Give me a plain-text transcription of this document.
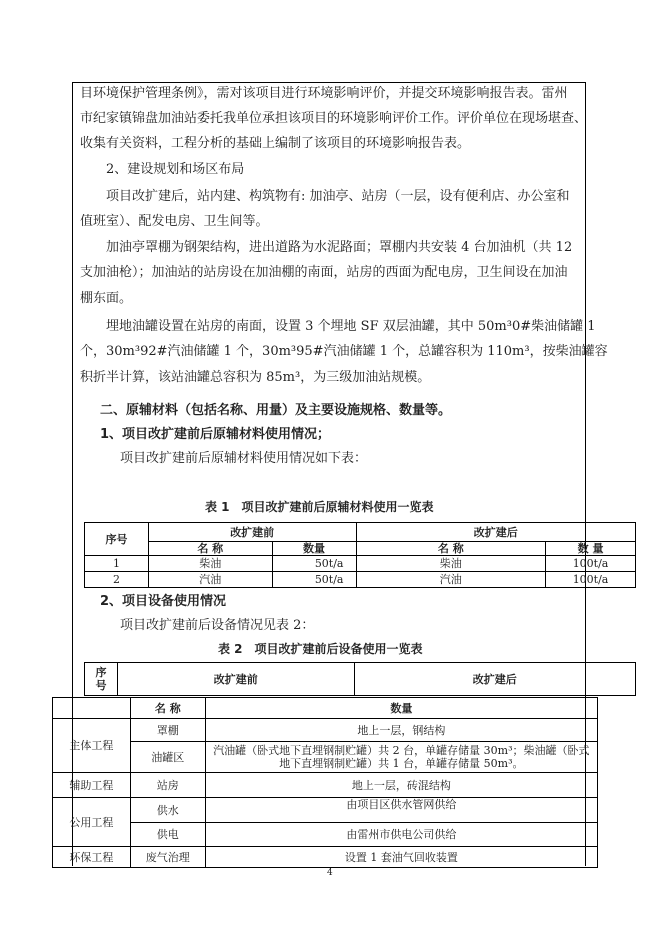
目环境保护管理条例》，需对该项目进行环境影响评价，并提交环境影响报告表。雷州
市纪家镇锦盘加油站委托我单位承担该项目的环境影响评价工作。评价单位在现场堪查、
收集有关资料，工程分析的基础上编制了该项目的环境影响报告表。
2、建设规划和场区布局
项目改扩建后，站内建、构筑物有: 加油亭、站房（一层，设有便利店、办公室和
值班室）、配发电房、卫生间等。
加油亭罩棚为钢架结构，进出道路为水泥路面；罩棚内共安装 4 台加油机（共 12
支加油枪）；加油站的站房设在加油棚的南面，站房的西面为配电房，卫生间设在加油
棚东面。
埋地油罐设置在站房的南面，设置 3 个埋地 SF 双层油罐，其中 50m³0#柴油储罐 1
个，30m³92#汽油储罐 1 个，30m³95#汽油储罐 1 个，总罐容积为 110m³，按柴油罐容
积折半计算，该站油罐总容积为 85m³，为三级加油站规模。
二、原辅材料（包括名称、用量）及主要设施规格、数量等。
1、项目改扩建前后原辅材料使用情况；
项目改扩建前后原辅材料使用情况如下表：
表 1　项目改扩建前后原辅材料使用一览表
序号	改扩建前		改扩建后	
	名 称	数量	名 称	数 量
1	柴油	50t/a	柴油	100t/a
2	汽油	50t/a	汽油	100t/a
2、项目设备使用情况
项目改扩建前后设备情况见表 2：
表 2　项目改扩建前后设备使用一览表
序
号	改扩建前	改扩建后
	名 称	数量
主体工程	罩棚	地上一层，钢结构
	油罐区	汽油罐（卧式地下直埋钢制贮罐）共 2 台，单罐存储量 30m³；柴油罐（卧式地下直埋钢制贮罐）共 1 台，单罐存储量 50m³。
辅助工程	站房	地上一层，砖混结构
公用工程	供水	由项目区供水管网供给
	供电	由雷州市供电公司供给
环保工程	废气治理	设置 1 套油气回收装置
4
